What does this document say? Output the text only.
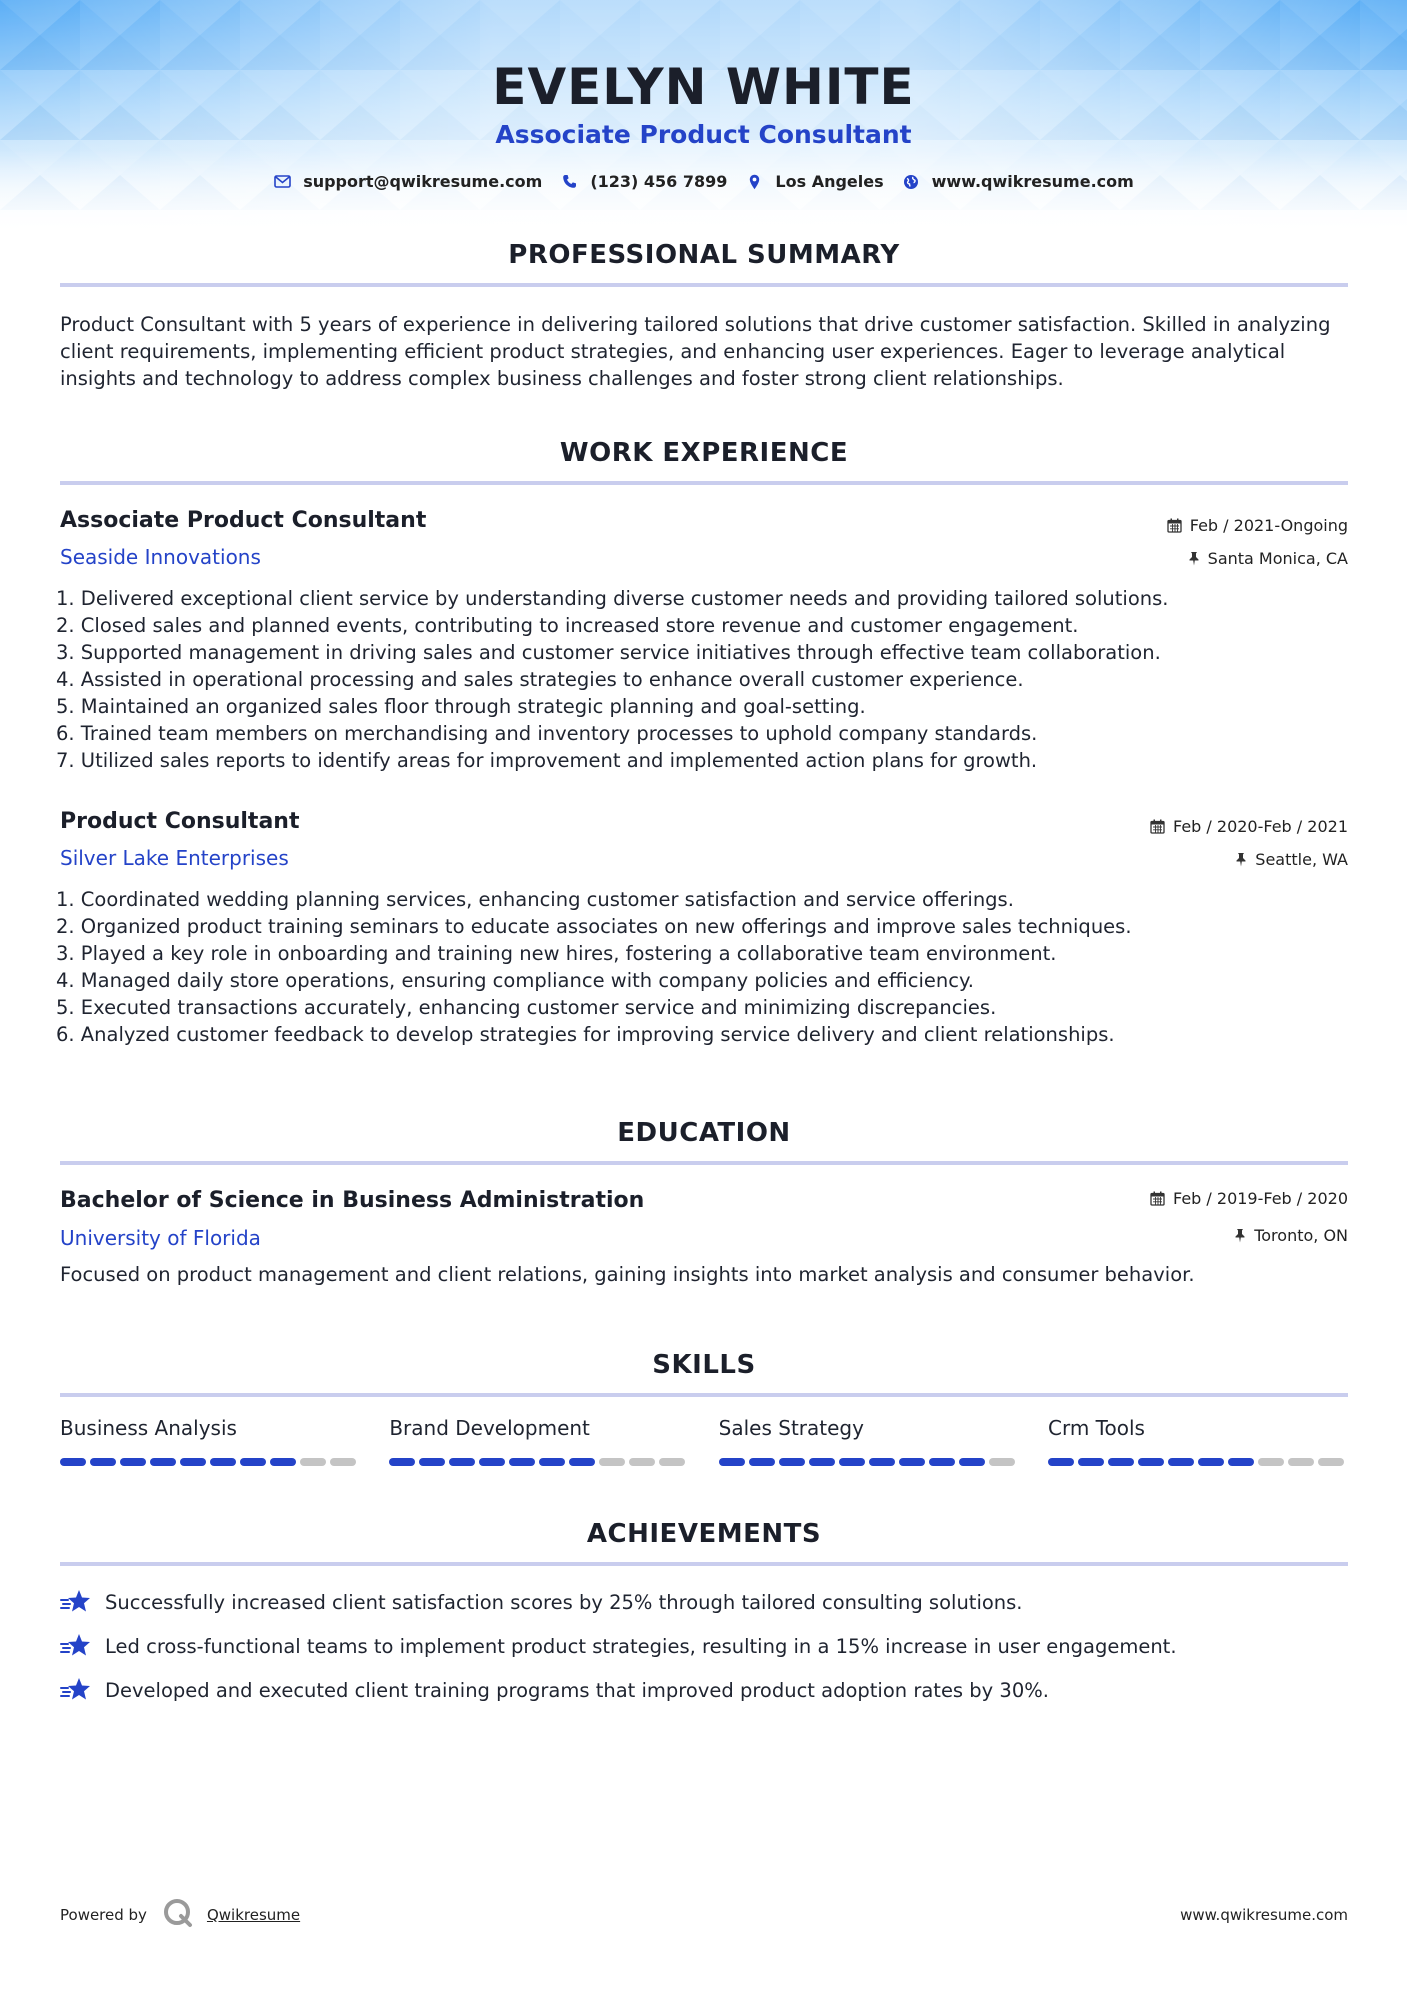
EVELYN WHITE
Associate Product Consultant
support@qwikresume.com	(123) 456 7899	Los Angeles	www.qwikresume.com
PROFESSIONAL SUMMARY
Product Consultant with 5 years of experience in delivering tailored solutions that drive customer satisfaction. Skilled in analyzing client requirements, implementing efficient product strategies, and enhancing user experiences. Eager to leverage analytical insights and technology to address complex business challenges and foster strong client relationships.
WORK EXPERIENCE
Associate Product Consultant	Feb / 2021-Ongoing
Seaside Innovations	Santa Monica, CA
1. Delivered exceptional client service by understanding diverse customer needs and providing tailored solutions.
2. Closed sales and planned events, contributing to increased store revenue and customer engagement.
3. Supported management in driving sales and customer service initiatives through effective team collaboration.
4. Assisted in operational processing and sales strategies to enhance overall customer experience.
5. Maintained an organized sales floor through strategic planning and goal-setting.
6. Trained team members on merchandising and inventory processes to uphold company standards.
7. Utilized sales reports to identify areas for improvement and implemented action plans for growth.
Product Consultant	Feb / 2020-Feb / 2021
Silver Lake Enterprises	Seattle, WA
1. Coordinated wedding planning services, enhancing customer satisfaction and service offerings.
2. Organized product training seminars to educate associates on new offerings and improve sales techniques.
3. Played a key role in onboarding and training new hires, fostering a collaborative team environment.
4. Managed daily store operations, ensuring compliance with company policies and efficiency.
5. Executed transactions accurately, enhancing customer service and minimizing discrepancies.
6. Analyzed customer feedback to develop strategies for improving service delivery and client relationships.
EDUCATION
Bachelor of Science in Business Administration	Feb / 2019-Feb / 2020
University of Florida	Toronto, ON
Focused on product management and client relations, gaining insights into market analysis and consumer behavior.
SKILLS
Business Analysis	Brand Development	Sales Strategy	Crm Tools
ACHIEVEMENTS
Successfully increased client satisfaction scores by 25% through tailored consulting solutions.
Led cross-functional teams to implement product strategies, resulting in a 15% increase in user engagement.
Developed and executed client training programs that improved product adoption rates by 30%.
Powered by	Qwikresume	www.qwikresume.com
